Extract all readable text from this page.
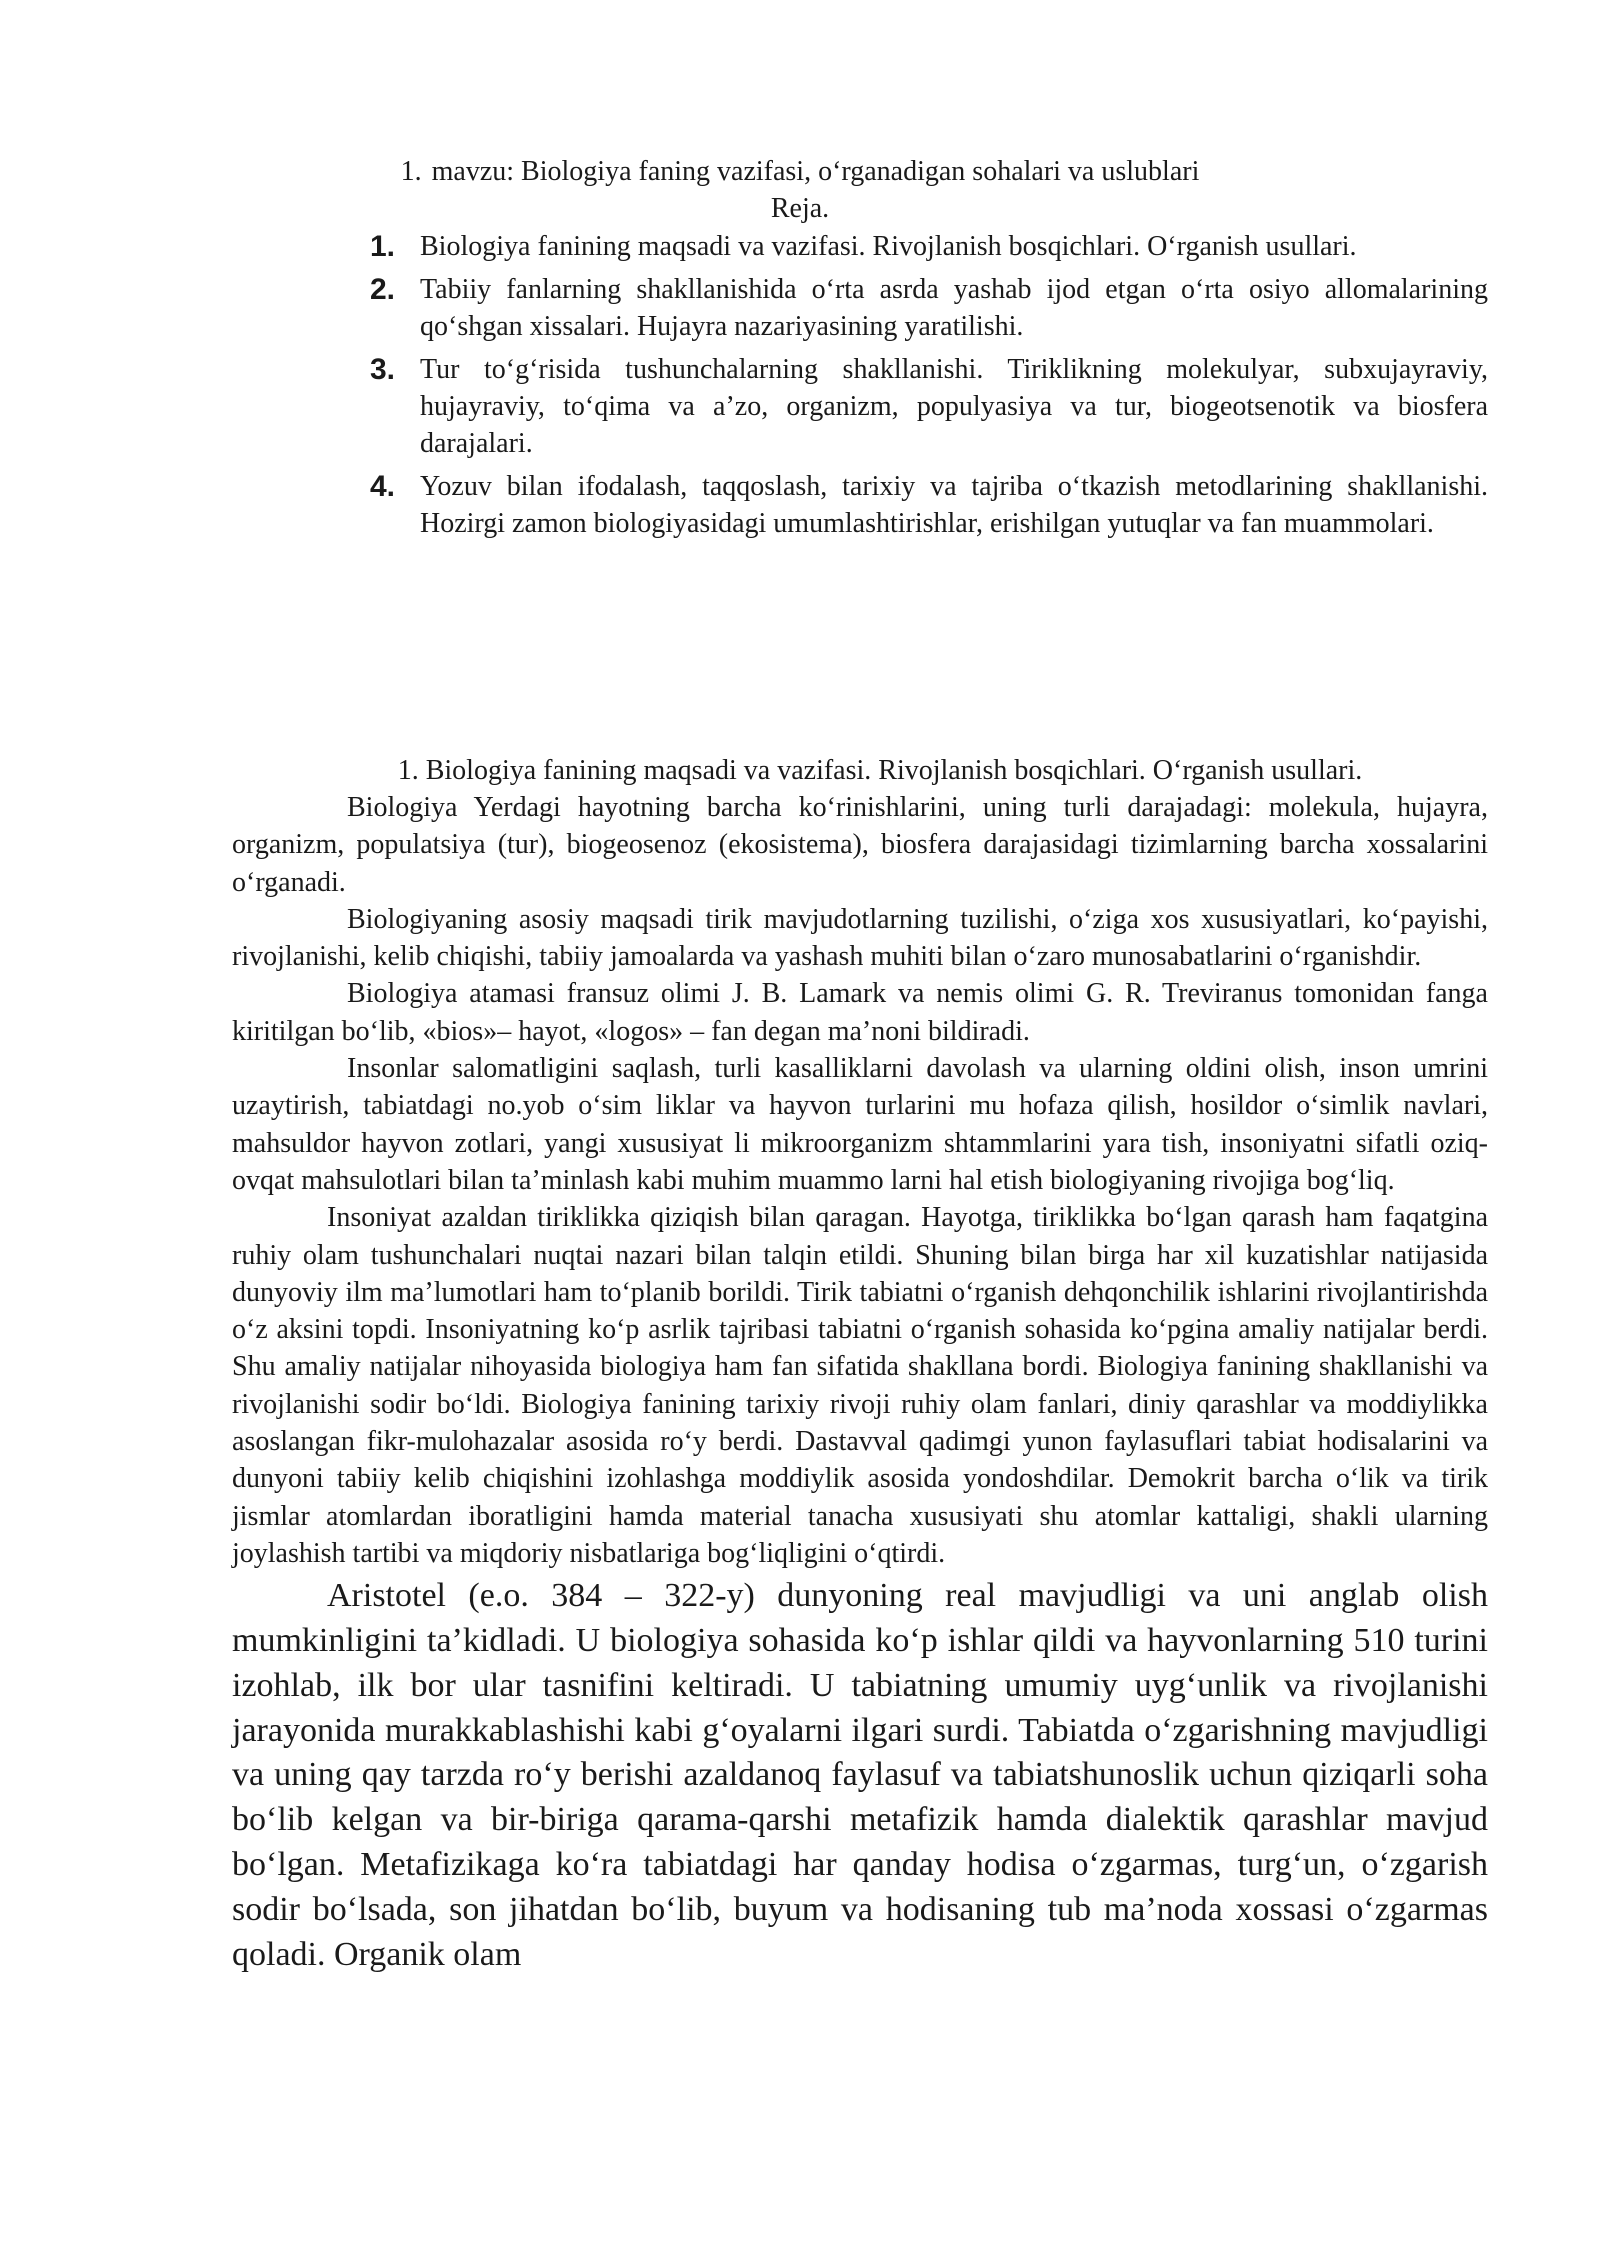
1. mavzu: Biologiya faning vazifasi, o‘rganadigan sohalari va uslublari
Reja.
1. Biologiya fanining maqsadi va vazifasi. Rivojlanish bosqichlari. O‘rganish usullari.
2. Tabiiy fanlarning shakllanishida o‘rta asrda yashab ijod etgan o‘rta osiyo allomalarining qo‘shgan xissalari. Hujayra nazariyasining yaratilishi.
3. Tur to‘g‘risida tushunchalarning shakllanishi. Tiriklikning molekulyar, subxujayraviy, hujayraviy, to‘qima va a’zo, organizm, populyasiya va tur, biogeotsenotik va biosfera darajalari.
4. Yozuv bilan ifodalash, taqqoslash, tarixiy va tajriba o‘tkazish metodlarining shakllanishi. Hozirgi zamon biologiyasidagi umumlashtirishlar, erishilgan yutuqlar va fan muammolari.
1. Biologiya fanining maqsadi va vazifasi. Rivojlanish bosqichlari. O‘rganish usullari.

Biologiya Yerdagi hayotning barcha ko‘rinishlarini, uning turli darajadagi: molekula, hujayra, organizm, populatsiya (tur), biogeosenoz (ekosistema), biosfera darajasidagi tizimlarning barcha xossalarini o‘rganadi.

Biologiyaning asosiy maqsadi tirik mavjudotlarning tuzilishi, o‘ziga xos xususiyatlari, ko‘payishi, rivojlanishi, kelib chiqishi, tabiiy jamoalarda va yashash muhiti bilan o‘zaro munosabatlarini o‘rganishdir.

Biologiya atamasi fransuz olimi J. B. Lamark va nemis olimi G. R. Treviranus tomonidan fanga kiritilgan bo‘lib, «bios»– hayot, «logos» – fan degan ma’noni bildiradi.

Insonlar salomatligini saqlash, turli kasalliklarni davolash va ularning oldini olish, inson umrini uzaytirish, tabiatdagi no.yob o‘sim liklar va hayvon turlarini mu hofaza qilish, hosildor o‘simlik navlari, mahsuldor hayvon zotlari, yangi xususiyat li mikroorganizm shtammlarini yara tish, insoniyatni sifatli oziq-ovqat mahsulotlari bilan ta’minlash kabi muhim muammo larni hal etish biologiyaning rivojiga bog‘liq.

Insoniyat azaldan tiriklikka qiziqish bilan qaragan. Hayotga, tiriklikka bo‘lgan qarash ham faqatgina ruhiy olam tushunchalari nuqtai nazari bilan talqin etildi. Shuning bilan birga har xil kuzatishlar natijasida dunyoviy ilm ma’lumotlari ham to‘planib borildi. Tirik tabiatni o‘rganish dehqonchilik ishlarini rivojlantirishda o‘z aksini topdi. Insoniyatning ko‘p asrlik tajribasi tabiatni o‘rganish sohasida ko‘pgina amaliy natijalar berdi. Shu amaliy natijalar nihoyasida biologiya ham fan sifatida shakllana bordi. Biologiya fanining shakllanishi va rivojlanishi sodir bo‘ldi. Biologiya fanining tarixiy rivoji ruhiy olam fanlari, diniy qarashlar va moddiylikka asoslangan fikr-mulohazalar asosida ro‘y berdi. Dastavval qadimgi yunon faylasuflari tabiat hodisalarini va dunyoni tabiiy kelib chiqishini izohlashga moddiylik asosida yondoshdilar. Demokrit barcha o‘lik va tirik jismlar atomlardan iboratligini hamda material tanacha xususiyati shu atomlar kattaligi, shakli ularning joylashish tartibi va miqdoriy nisbatlariga bog‘liqligini o‘qtirdi.

Aristotel (e.o. 384 – 322-y) dunyoning real mavjudligi va uni anglab olish mumkinligini ta’kidladi. U biologiya sohasida ko‘p ishlar qildi va hayvonlarning 510 turini izohlab, ilk bor ular tasnifini keltiradi. U tabiatning umumiy uyg‘unlik va rivojlanishi jarayonida murakkablashishi kabi g‘oyalarni ilgari surdi. Tabiatda o‘zgarishning mavjudligi va uning qay tarzda ro‘y berishi azaldanoq faylasuf va tabiatshunoslik uchun qiziqarli soha bo‘lib kelgan va bir-biriga qarama-qarshi metafizik hamda dialektik qarashlar mavjud bo‘lgan. Metafizikaga ko‘ra tabiatdagi har qanday hodisa o‘zgarmas, turg‘un, o‘zgarish sodir bo‘lsada, son jihatdan bo‘lib, buyum va hodisaning tub ma’noda xossasi o‘zgarmas qoladi. Organik olam
